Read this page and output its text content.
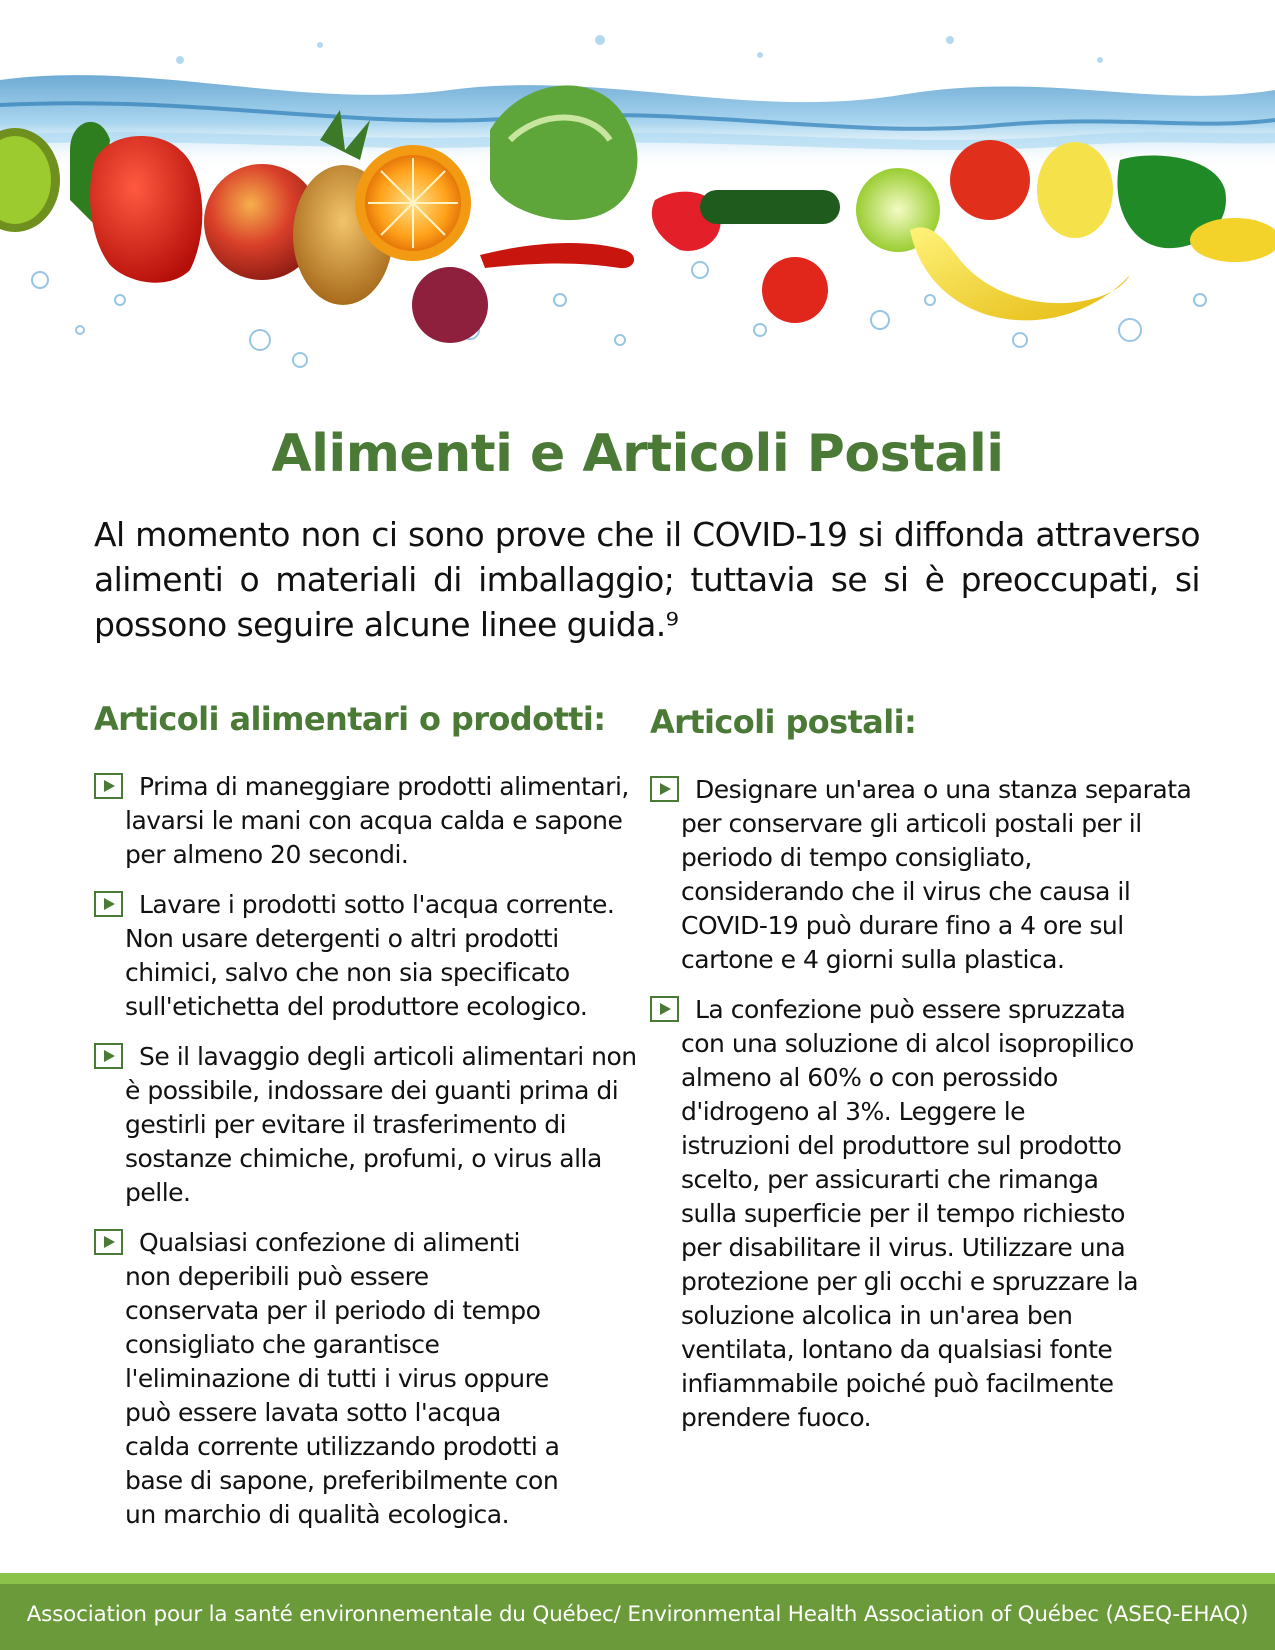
Alimenti e Articoli Postali

Al momento non ci sono prove che il COVID-19 si diffonda attraverso alimenti o materiali di imballaggio; tuttavia se si è preoccupati, si possono seguire alcune linee guida.⁹

Articoli alimentari o prodotti:
Prima di maneggiare prodotti alimentari, lavarsi le mani con acqua calda e sapone per almeno 20 secondi.
Lavare i prodotti sotto l'acqua corrente. Non usare detergenti o altri prodotti chimici, salvo che non sia specificato sull'etichetta del produttore ecologico.
Se il lavaggio degli articoli alimentari non è possibile, indossare dei guanti prima di gestirli per evitare il trasferimento di sostanze chimiche, profumi, o virus alla pelle.
Qualsiasi confezione di alimenti non deperibili può essere conservata per il periodo di tempo consigliato che garantisce l'eliminazione di tutti i virus oppure può essere lavata sotto l'acqua calda corrente utilizzando prodotti a base di sapone, preferibilmente con un marchio di qualità ecologica.
Articoli postali:
Designare un'area o una stanza separata per conservare gli articoli postali per il periodo di tempo consigliato, considerando che il virus che causa il COVID-19 può durare fino a 4 ore sul cartone e 4 giorni sulla plastica.
La confezione può essere spruzzata con una soluzione di alcol isopropilico almeno al 60% o con perossido d'idrogeno al 3%. Leggere le istruzioni del produttore sul prodotto scelto, per assicurarti che rimanga sulla superficie per il tempo richiesto per disabilitare il virus. Utilizzare una protezione per gli occhi e spruzzare la soluzione alcolica in un'area ben ventilata, lontano da qualsiasi fonte infiammabile poiché può facilmente prendere fuoco.
Association pour la santé environnementale du Québec/ Environmental Health Association of Québec (ASEQ-EHAQ)
